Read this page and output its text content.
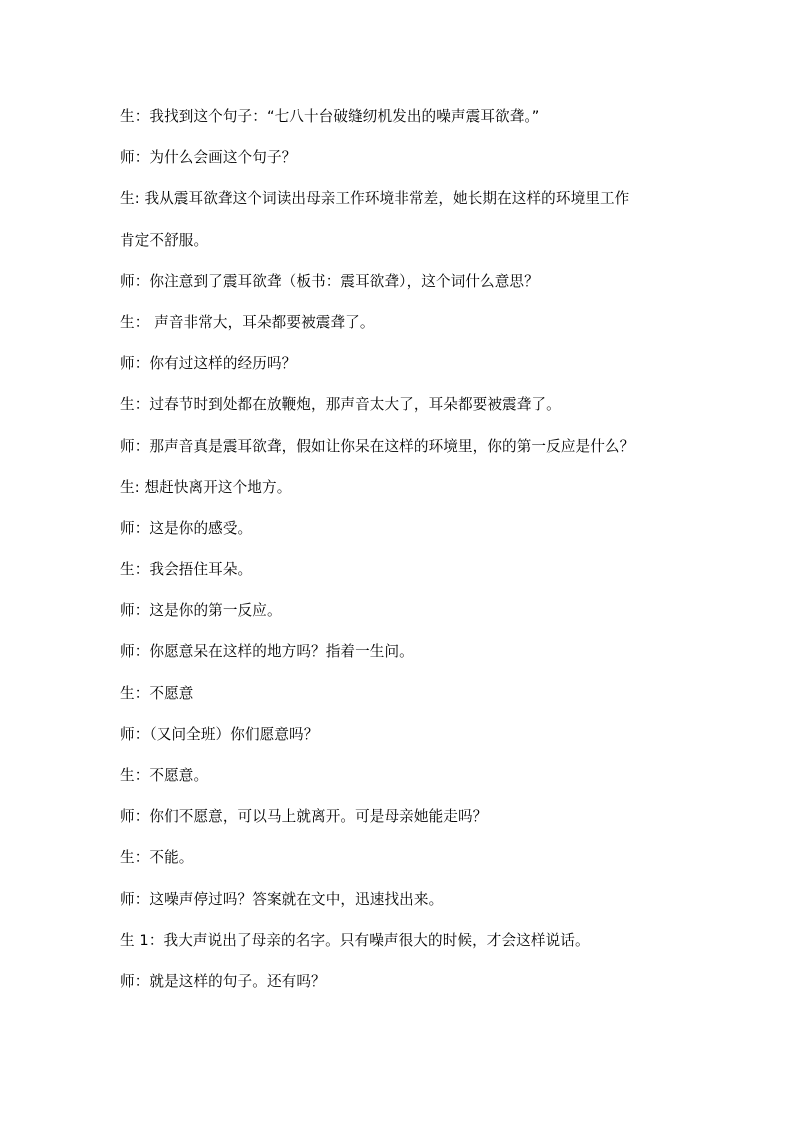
生：我找到这个句子：“七八十台破缝纫机发出的噪声震耳欲聋。”
师：为什么会画这个句子？
生: 我从震耳欲聋这个词读出母亲工作环境非常差，她长期在这样的环境里工作
肯定不舒服。
师：你注意到了震耳欲聋（板书：震耳欲聋），这个词什么意思？
生： 声音非常大，耳朵都要被震聋了。
师：你有过这样的经历吗？
生：过春节时到处都在放鞭炮，那声音太大了，耳朵都要被震聋了。
师：那声音真是震耳欲聋，假如让你呆在这样的环境里，你的第一反应是什么？
生: 想赶快离开这个地方。
师：这是你的感受。
生：我会捂住耳朵。
师：这是你的第一反应。
师：你愿意呆在这样的地方吗？指着一生问。
生：不愿意
师：（又问全班）你们愿意吗？
生：不愿意。
师：你们不愿意，可以马上就离开。可是母亲她能走吗？
生：不能。
师：这噪声停过吗？答案就在文中，迅速找出来。
生 1：我大声说出了母亲的名字。只有噪声很大的时候，才会这样说话。
师：就是这样的句子。还有吗？
